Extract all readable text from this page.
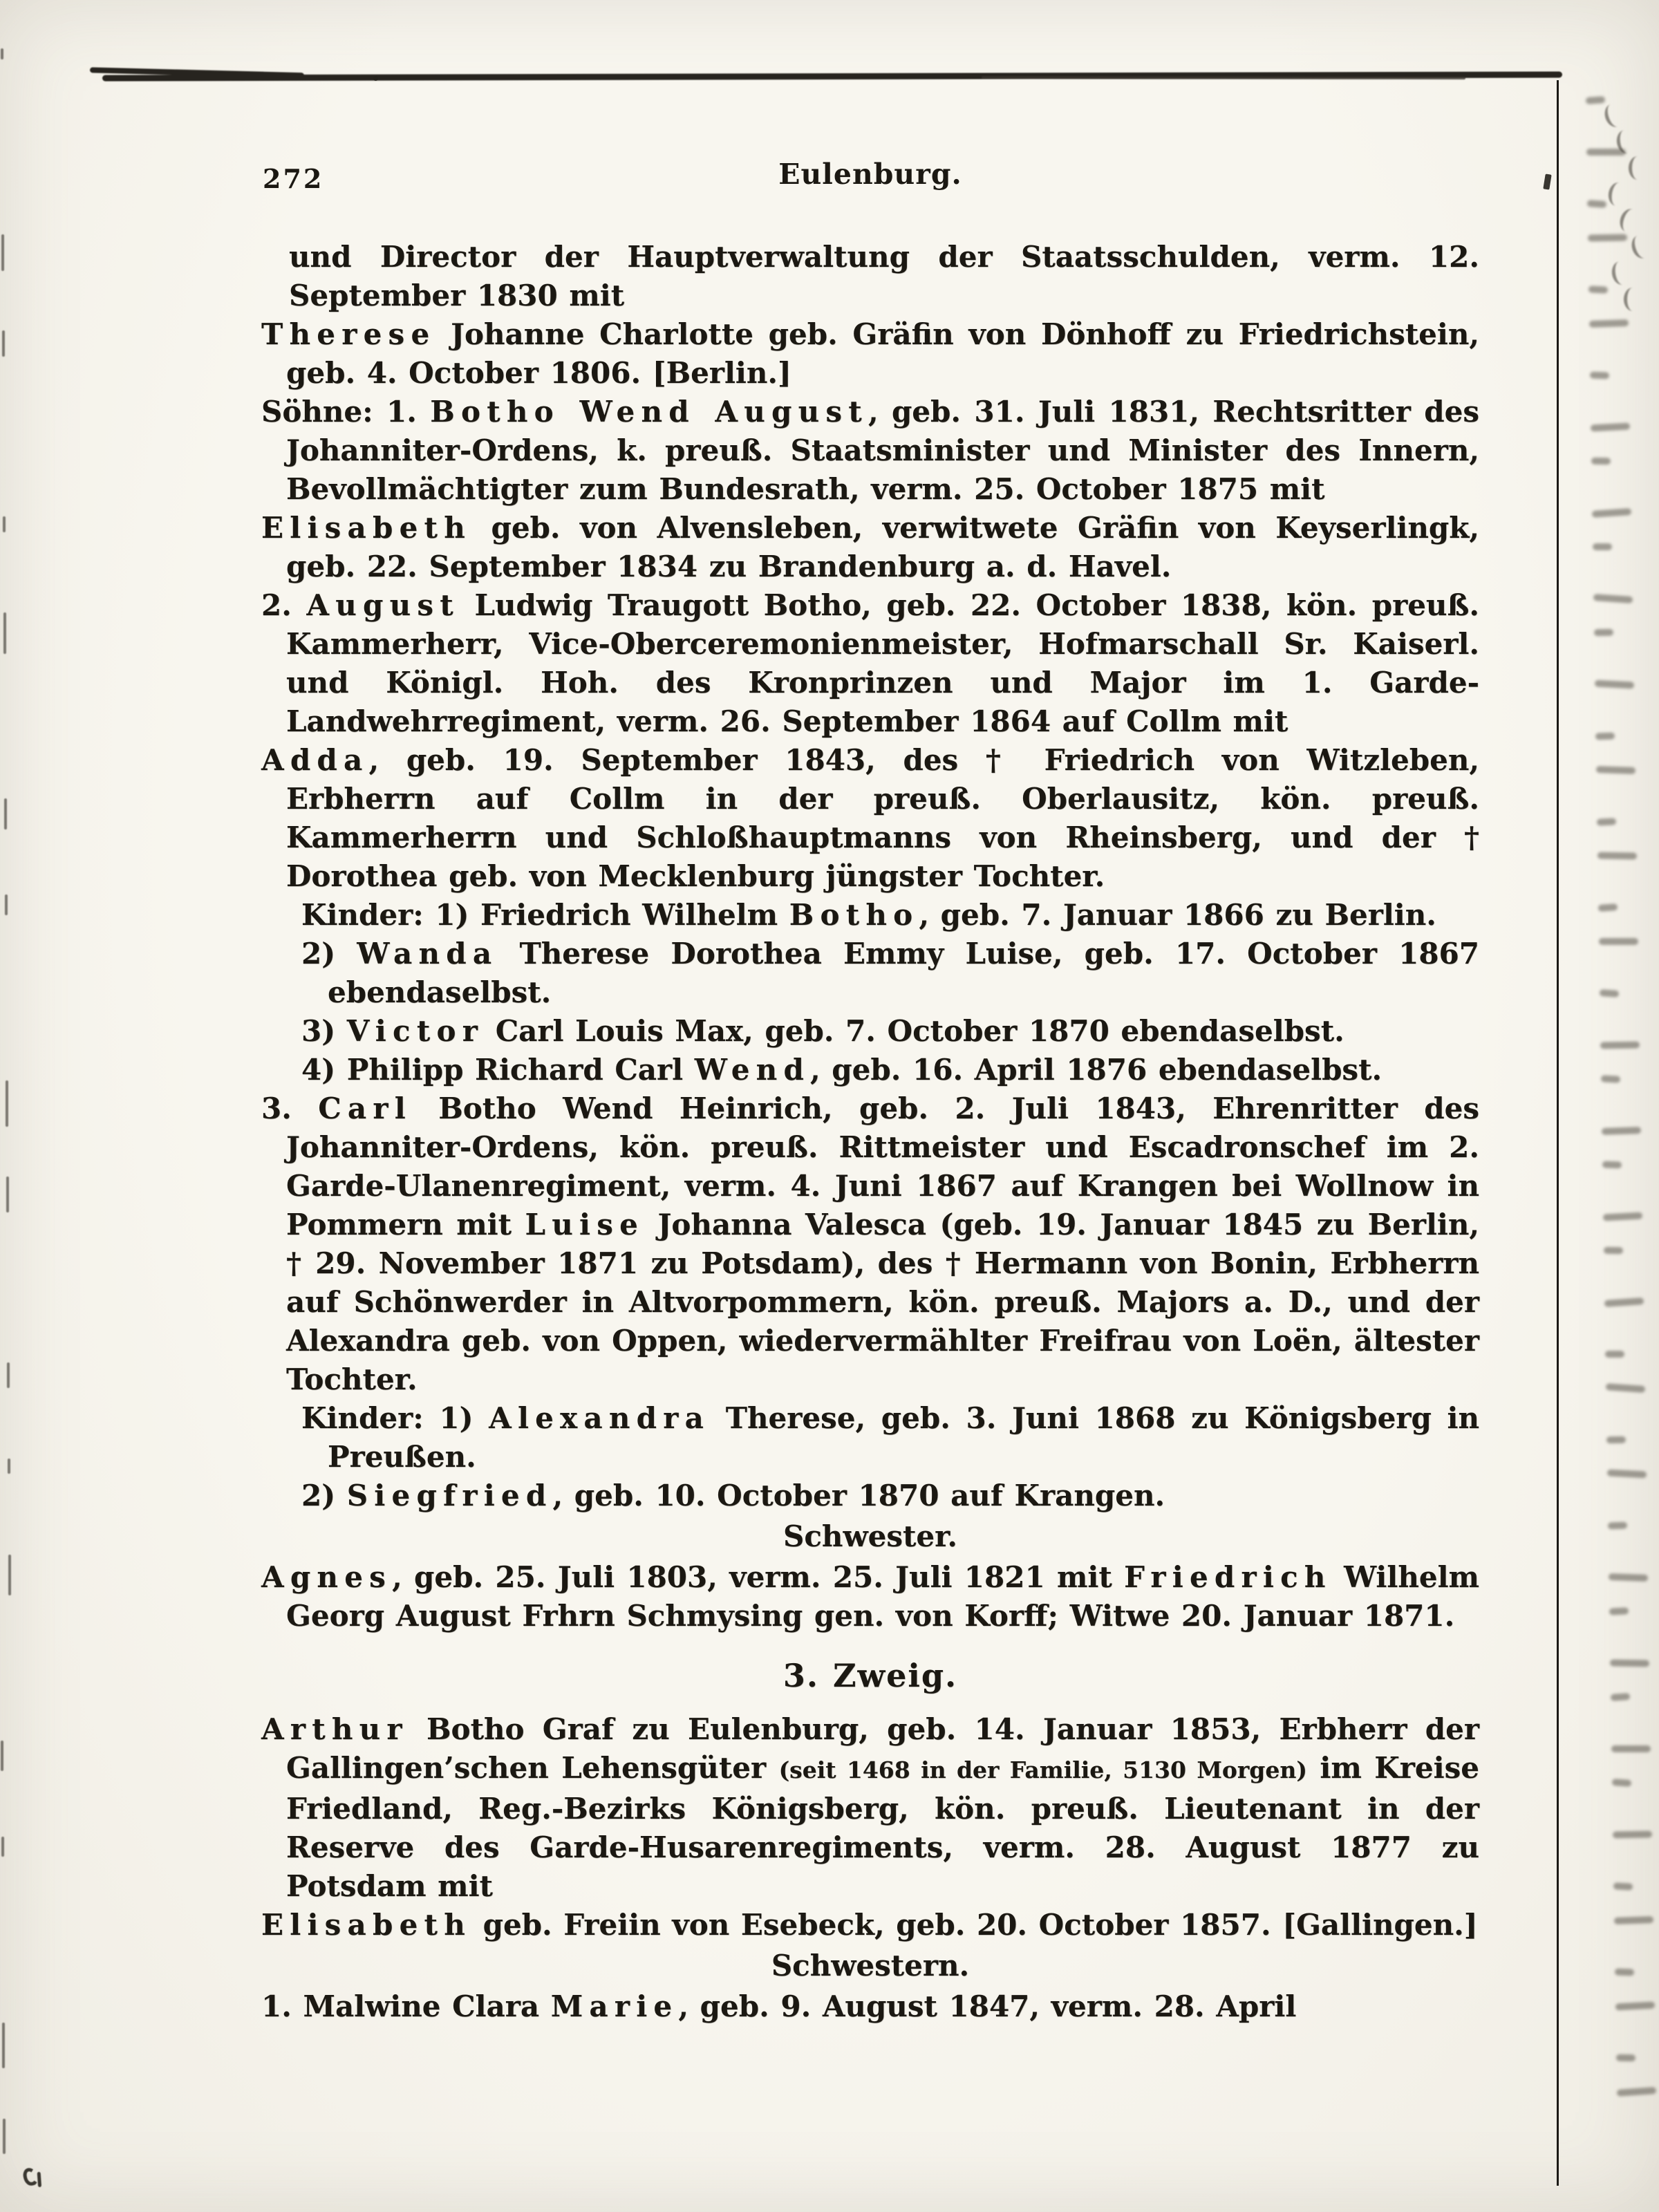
272	Eulenburg.

und Director der Hauptverwaltung der Staatsschulden, verm. 12. September 1830 mit

Therese Johanne Charlotte geb. Gräfin von Dönhoff zu Friedrichstein, geb. 4. October 1806. [Berlin.]

Söhne: 1. Botho Wend August, geb. 31. Juli 1831, Rechtsritter des Johanniter-Ordens, k. preuß. Staatsminister und Minister des Innern, Bevollmächtigter zum Bundesrath, verm. 25. October 1875 mit

Elisabeth geb. von Alvensleben, verwitwete Gräfin von Keyserlingk, geb. 22. September 1834 zu Brandenburg a. d. Havel.

2. August Ludwig Traugott Botho, geb. 22. October 1838, kön. preuß. Kammerherr, Vice-Oberceremonienmeister, Hofmarschall Sr. Kaiserl. und Königl. Hoh. des Kronprinzen und Major im 1. Garde-Landwehrregiment, verm. 26. September 1864 auf Collm mit

Adda, geb. 19. September 1843, des † Friedrich von Witzleben, Erbherrn auf Collm in der preuß. Oberlausitz, kön. preuß. Kammerherrn und Schloßhauptmanns von Rheinsberg, und der † Dorothea geb. von Mecklenburg jüngster Tochter.

Kinder: 1) Friedrich Wilhelm Botho, geb. 7. Januar 1866 zu Berlin.

2) Wanda Therese Dorothea Emmy Luise, geb. 17. October 1867 ebendaselbst.

3) Victor Carl Louis Max, geb. 7. October 1870 ebendaselbst.

4) Philipp Richard Carl Wend, geb. 16. April 1876 ebendaselbst.

3. Carl Botho Wend Heinrich, geb. 2. Juli 1843, Ehrenritter des Johanniter-Ordens, kön. preuß. Rittmeister und Escadronschef im 2. Garde-Ulanenregiment, verm. 4. Juni 1867 auf Krangen bei Wollnow in Pommern mit Luise Johanna Valesca (geb. 19. Januar 1845 zu Berlin, † 29. November 1871 zu Potsdam), des † Hermann von Bonin, Erbherrn auf Schönwerder in Altvorpommern, kön. preuß. Majors a. D., und der Alexandra geb. von Oppen, wiedervermählter Freifrau von Loën, ältester Tochter.

Kinder: 1) Alexandra Therese, geb. 3. Juni 1868 zu Königsberg in Preußen.

2) Siegfried, geb. 10. October 1870 auf Krangen.

Schwester.

Agnes, geb. 25. Juli 1803, verm. 25. Juli 1821 mit Friedrich Wilhelm Georg August Frhrn Schmysing gen. von Korff; Witwe 20. Januar 1871.

3. Zweig.

Arthur Botho Graf zu Eulenburg, geb. 14. Januar 1853, Erbherr der Gallingen’schen Lehensgüter (seit 1468 in der Familie, 5130 Morgen) im Kreise Friedland, Reg.-Bezirks Königsberg, kön. preuß. Lieutenant in der Reserve des Garde-Husarenregiments, verm. 28. August 1877 zu Potsdam mit

Elisabeth geb. Freiin von Esebeck, geb. 20. October 1857. [Gallingen.]

Schwestern.

1. Malwine Clara Marie, geb. 9. August 1847, verm. 28. April
